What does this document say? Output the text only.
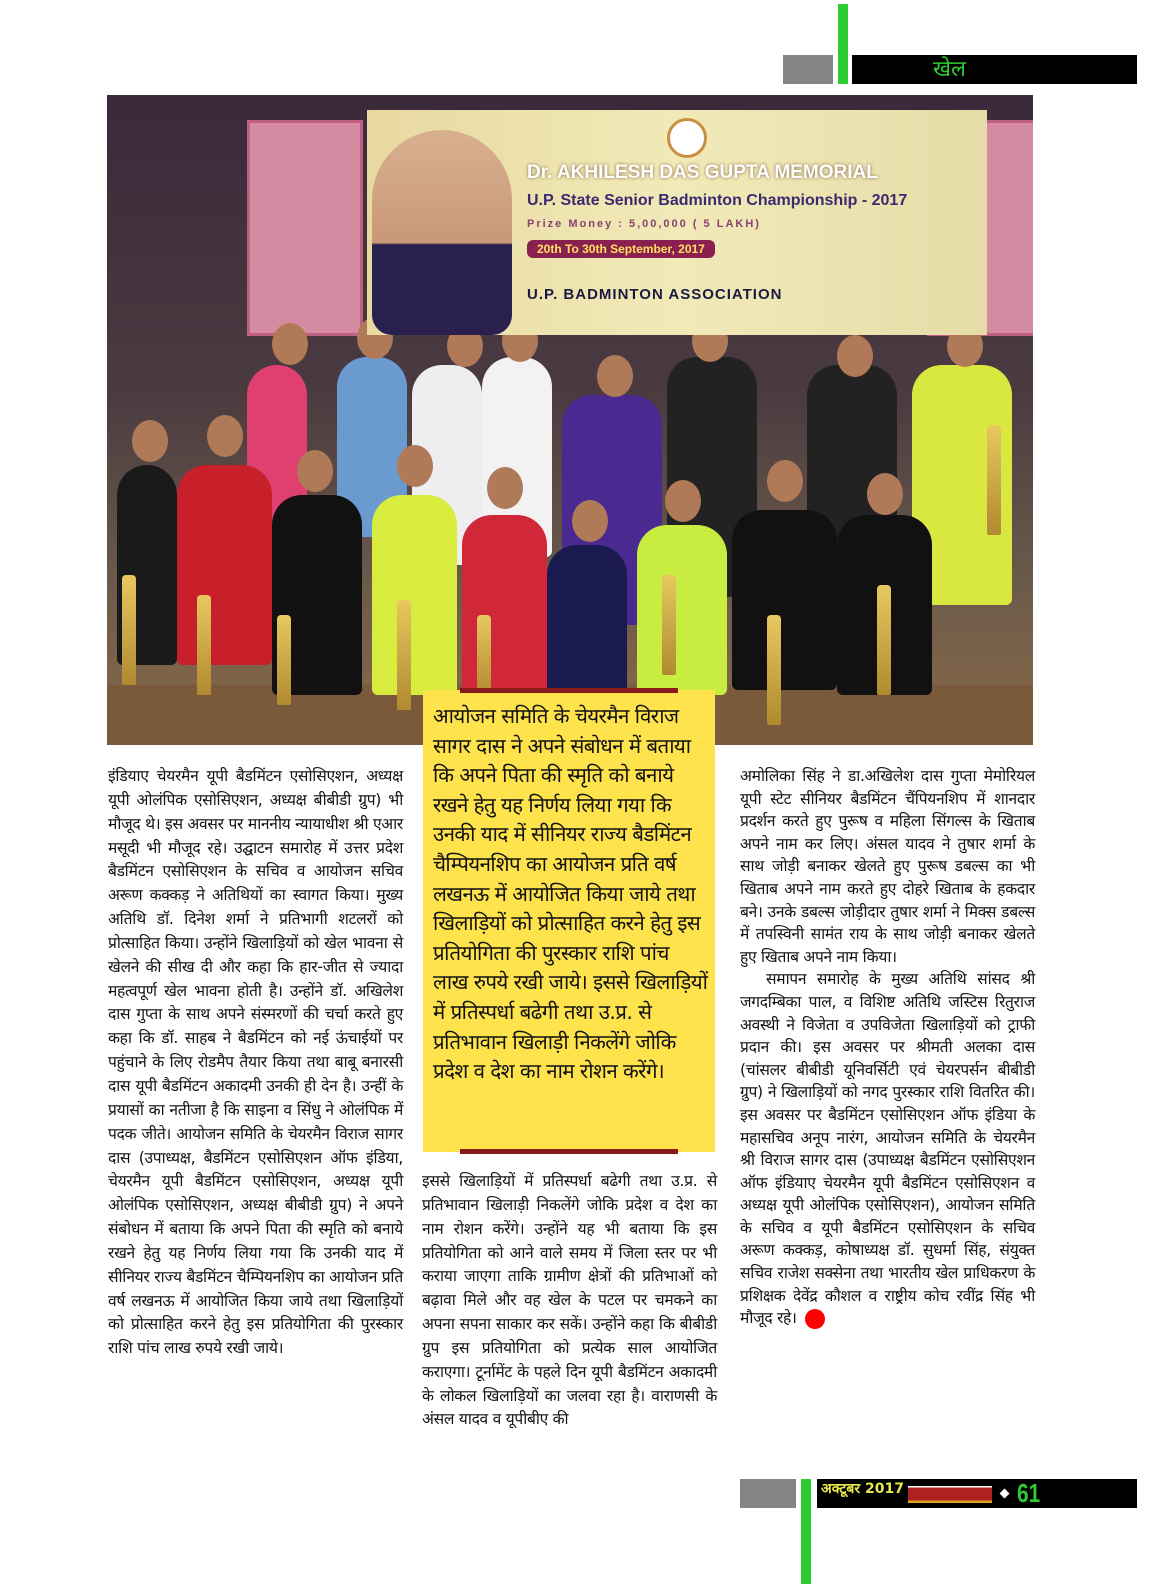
खेल
Dr. AKHILESH DAS GUPTA MEMORIAL
U.P. State Senior Badminton Championship - 2017
Prize Money : 5,00,000 ( 5 LAKH)
20th To 30th September, 2017
U.P. BADMINTON ASSOCIATION
आयोजन समिति के चेयरमैन विराज सागर दास ने अपने संबोधन में बताया कि अपने पिता की स्मृति को बनाये रखने हेतु यह निर्णय लिया गया कि उनकी याद में सीनियर राज्य बैडमिंटन चैम्पियनशिप का आयोजन प्रति वर्ष लखनऊ में आयोजित किया जाये तथा खिलाड़ियों को प्रोत्साहित करने हेतु इस प्रतियोगिता की पुरस्कार राशि पांच लाख रुपये रखी जाये। इससे खिलाड़ियों में प्रतिस्पर्धा बढेगी तथा उ.प्र. से प्रतिभावान खिलाड़ी निकलेंगे जोकि प्रदेश व देश का नाम रोशन करेंगे।

इससे खिलाड़ियों में प्रतिस्पर्धा बढेगी तथा उ.प्र. से प्रतिभावान खिलाड़ी निकलेंगे जोकि प्रदेश व देश का नाम रोशन करेंगे। उन्होंने यह भी बताया कि इस प्रतियोगिता को आने वाले समय में जिला स्तर पर भी कराया जाएगा ताकि ग्रामीण क्षेत्रों की प्रतिभाओं को बढ़ावा मिले और वह खेल के पटल पर चमकने का अपना सपना साकार कर सकें। उन्होंने कहा कि बीबीडी ग्रुप इस प्रतियोगिता को प्रत्येक साल आयोजित कराएगा। टूर्नामेंट के पहले दिन यूपी बैडमिंटन अकादमी के लोकल खिलाड़ियों का जलवा रहा है। वाराणसी के अंसल यादव व यूपीबीए की

इंडियाए चेयरमैन यूपी बैडमिंटन एसोसिएशन, अध्यक्ष यूपी ओलंपिक एसोसिएशन, अध्यक्ष बीबीडी ग्रुप) भी मौजूद थे। इस अवसर पर माननीय न्यायाधीश श्री एआर मसूदी भी मौजूद रहे। उद्घाटन समारोह में उत्तर प्रदेश बैडमिंटन एसोसिएशन के सचिव व आयोजन सचिव अरूण कक्कड़ ने अतिथियों का स्वागत किया। मुख्य अतिथि डॉ. दिनेश शर्मा ने प्रतिभागी शटलरों को प्रोत्साहित किया। उन्होंने खिलाड़ियों को खेल भावना से खेलने की सीख दी और कहा कि हार-जीत से ज्यादा महत्वपूर्ण खेल भावना होती है। उन्होंने डॉ. अखिलेश दास गुप्ता के साथ अपने संस्मरणों की चर्चा करते हुए कहा कि डॉ. साहब ने बैडमिंटन को नई ऊंचाईयों पर पहुंचाने के लिए रोडमैप तैयार किया तथा बाबू बनारसी दास यूपी बैडमिंटन अकादमी उनकी ही देन है। उन्हीं के प्रयासों का नतीजा है कि साइना व सिंधु ने ओलंपिक में पदक जीते। आयोजन समिति के चेयरमैन विराज सागर दास (उपाध्यक्ष, बैडमिंटन एसोसिएशन ऑफ इंडिया, चेयरमैन यूपी बैडमिंटन एसोसिएशन, अध्यक्ष यूपी ओलंपिक एसोसिएशन, अध्यक्ष बीबीडी ग्रुप) ने अपने संबोधन में बताया कि अपने पिता की स्मृति को बनाये रखने हेतु यह निर्णय लिया गया कि उनकी याद में सीनियर राज्य बैडमिंटन चैम्पियनशिप का आयोजन प्रति वर्ष लखनऊ में आयोजित किया जाये तथा खिलाड़ियों को प्रोत्साहित करने हेतु इस प्रतियोगिता की पुरस्कार राशि पांच लाख रुपये रखी जाये।

अमोलिका सिंह ने डा.अखिलेश दास गुप्ता मेमोरियल यूपी स्टेट सीनियर बैडमिंटन चैंपियनशिप में शानदार प्रदर्शन करते हुए पुरूष व महिला सिंगल्स के खिताब अपने नाम कर लिए। अंसल यादव ने तुषार शर्मा के साथ जोड़ी बनाकर खेलते हुए पुरूष डबल्स का भी खिताब अपने नाम करते हुए दोहरे खिताब के हकदार बने। उनके डबल्स जोड़ीदार तुषार शर्मा ने मिक्स डबल्स में तपस्विनी सामंत राय के साथ जोड़ी बनाकर खेलते हुए खिताब अपने नाम किया।

समापन समारोह के मुख्य अतिथि सांसद श्री जगदम्बिका पाल, व विशिष्ट अतिथि जस्टिस रितुराज अवस्थी ने विजेता व उपविजेता खिलाड़ियों को ट्राफी प्रदान की। इस अवसर पर श्रीमती अलका दास (चांसलर बीबीडी यूनिवर्सिटी एवं चेयरपर्सन बीबीडी ग्रुप) ने खिलाड़ियों को नगद पुरस्कार राशि वितरित की। इस अवसर पर बैडमिंटन एसोसिएशन ऑफ इंडिया के महासचिव अनूप नारंग, आयोजन समिति के चेयरमैन श्री विराज सागर दास (उपाध्यक्ष बैडमिंटन एसोसिएशन ऑफ इंडियाए चेयरमैन यूपी बैडमिंटन एसोसिएशन व अध्यक्ष यूपी ओलंपिक एसोसिएशन), आयोजन समिति के सचिव व यूपी बैडमिंटन एसोसिएशन के सचिव अरूण कक्कड़, कोषाध्यक्ष डॉ. सुधर्मा सिंह, संयुक्त सचिव राजेश सक्सेना तथा भारतीय खेल प्राधिकरण के प्रशिक्षक देवेंद्र कौशल व राष्ट्रीय कोच रवींद्र सिंह भी मौजूद रहे।

अक्टूबर 2017	61
